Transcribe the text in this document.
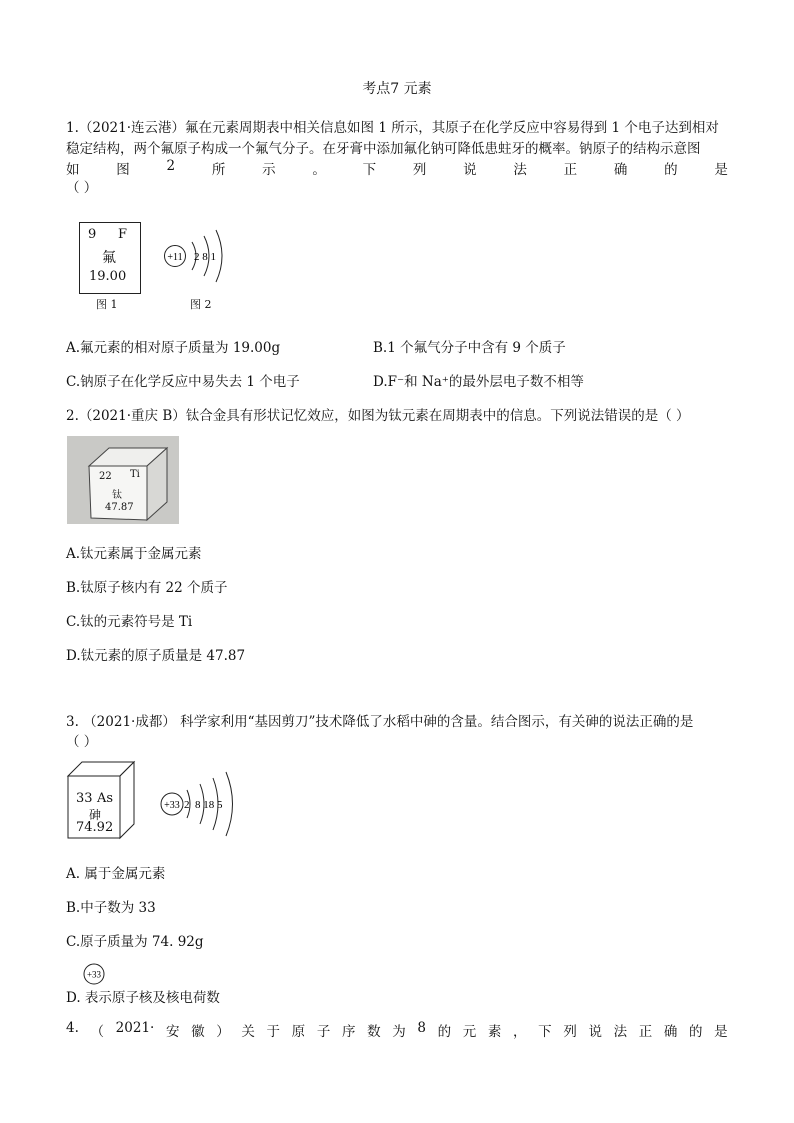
考点7 元素
1.（2021·连云港）氟在元素周期表中相关信息如图 1 所示，其原子在化学反应中容易得到 1 个电子达到相对
稳定结构，两个氟原子构成一个氟气分子。在牙膏中添加氟化钠可降低患蛀牙的概率。钠原子的结构示意图
如	图	2	所	示	。	下	列	说	法	正	确	的	是
（ ）
9 F
氟
19.00
图 1
+11 2 8 1
图 2
A.氟元素的相对原子质量为 19.00g	B.1 个氟气分子中含有 9 个质子
C.钠原子在化学反应中易失去 1 个电子	D.F⁻和 Na⁺的最外层电子数不相等
2.（2021·重庆 B）钛合金具有形状记忆效应，如图为钛元素在周期表中的信息。下列说法错误的是（ ）
22 Ti
钛
47.87
A.钛元素属于金属元素
B.钛原子核内有 22 个质子
C.钛的元素符号是 Ti
D.钛元素的原子质量是 47.87
3. （2021·成都） 科学家利用“基因剪刀”技术降低了水稻中砷的含量。结合图示，有关砷的说法正确的是
（ ）
33 As
砷
74.92
+33 2  8 18 5
A. 属于金属元素
B.中子数为 33
C.原子质量为 74. 92g
+33
D. 表示原子核及核电荷数
4. （ 2021· 安 徽 ） 关 于 原 子 序 数 为 8 的 元 素 ， 下 列 说 法 正 确 的 是
